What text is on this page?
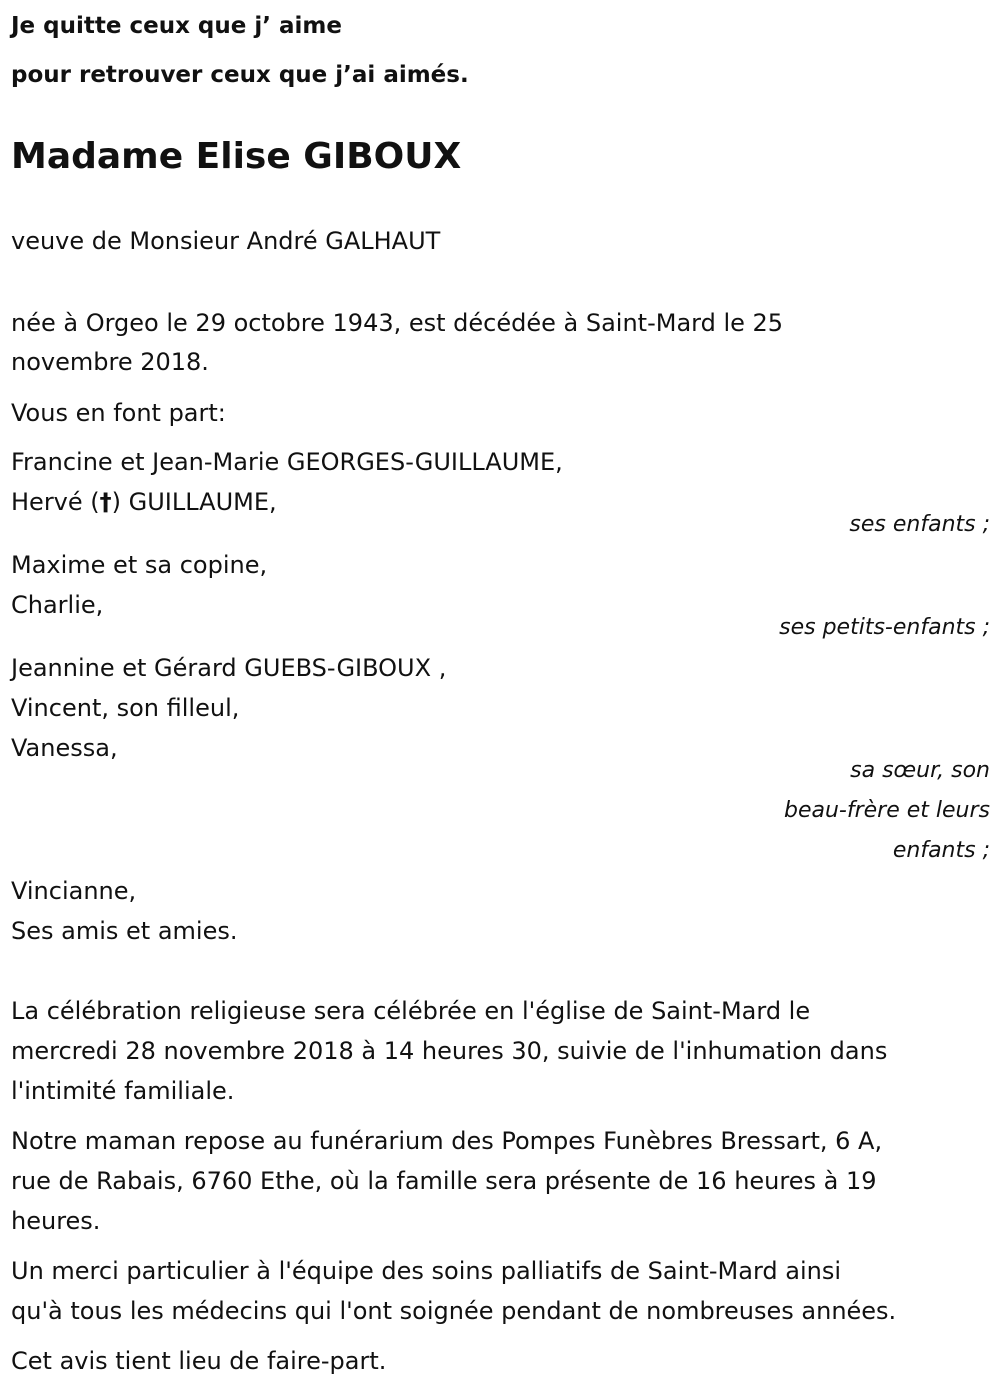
Je quitte ceux que j’ aime
pour retrouver ceux que j’ai aimés.
Madame Elise GIBOUX
veuve de Monsieur André GALHAUT
née à Orgeo le 29 octobre 1943, est décédée à Saint-Mard le 25
novembre 2018.
Vous en font part:
Francine et Jean-Marie GEORGES-GUILLAUME,
Hervé (†) GUILLAUME,
ses enfants ;
Maxime et sa copine,
Charlie,
ses petits-enfants ;
Jeannine et Gérard GUEBS-GIBOUX ,
Vincent, son filleul,
Vanessa,
sa sœur, son
beau-frère et leurs
enfants ;
Vincianne,
Ses amis et amies.
La célébration religieuse sera célébrée en l'église de Saint-Mard le
mercredi 28 novembre 2018 à 14 heures 30, suivie de l'inhumation dans
l'intimité familiale.
Notre maman repose au funérarium des Pompes Funèbres Bressart, 6 A,
rue de Rabais, 6760 Ethe, où la famille sera présente de 16 heures à 19
heures.
Un merci particulier à l'équipe des soins palliatifs de Saint-Mard ainsi
qu'à tous les médecins qui l'ont soignée pendant de nombreuses années.
Cet avis tient lieu de faire-part.
